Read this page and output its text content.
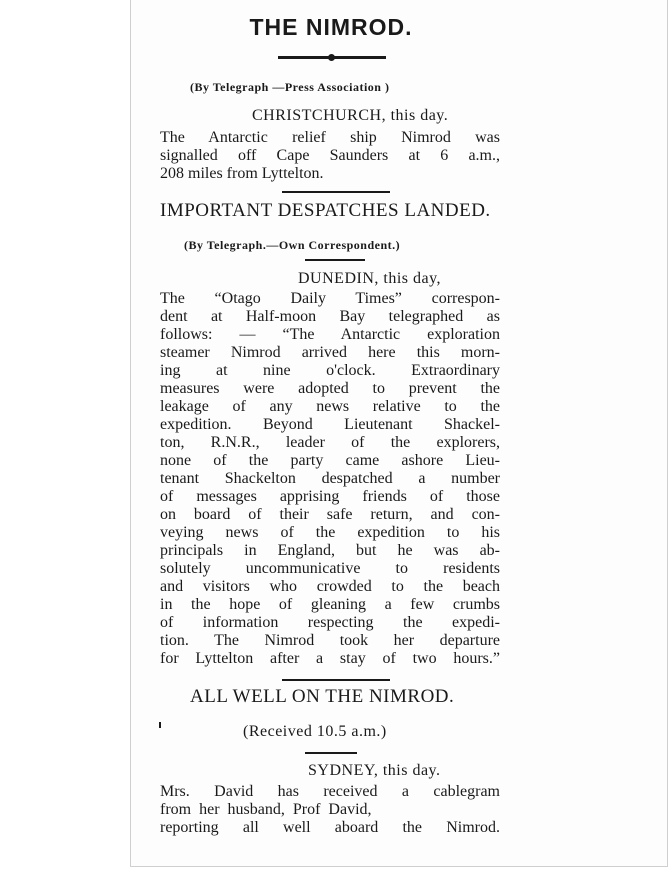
THE NIMROD.
(By Telegraph —Press Association )
CHRISTCHURCH, this day.
The Antarctic relief ship Nimrod was
signalled off Cape Saunders at 6 a.m.,
208 miles from Lyttelton.
IMPORTANT DESPATCHES LANDED.
(By Telegraph.—Own Correspondent.)
DUNEDIN, this day,
The “Otago Daily Times” correspon-
dent at Half-moon Bay telegraphed as
follows: — “The Antarctic exploration
steamer Nimrod arrived here this morn-
ing at nine o'clock. Extraordinary
measures were adopted to prevent the
leakage of any news relative to the
expedition. Beyond Lieutenant Shackel-
ton, R.N.R., leader of the explorers,
none of the party came ashore Lieu-
tenant Shackelton despatched a number
of messages apprising friends of those
on board of their safe return, and con-
veying news of the expedition to his
principals in England, but he was ab-
solutely uncommunicative to residents
and visitors who crowded to the beach
in the hope of gleaning a few crumbs
of information respecting the expedi-
tion. The Nimrod took her departure
for Lyttelton after a stay of two hours.”
ALL WELL ON THE NIMROD.
(Received 10.5 a.m.)
SYDNEY, this day.
Mrs. David has received a cablegram
from her husband, Prof David,
reporting all well aboard the Nimrod.
